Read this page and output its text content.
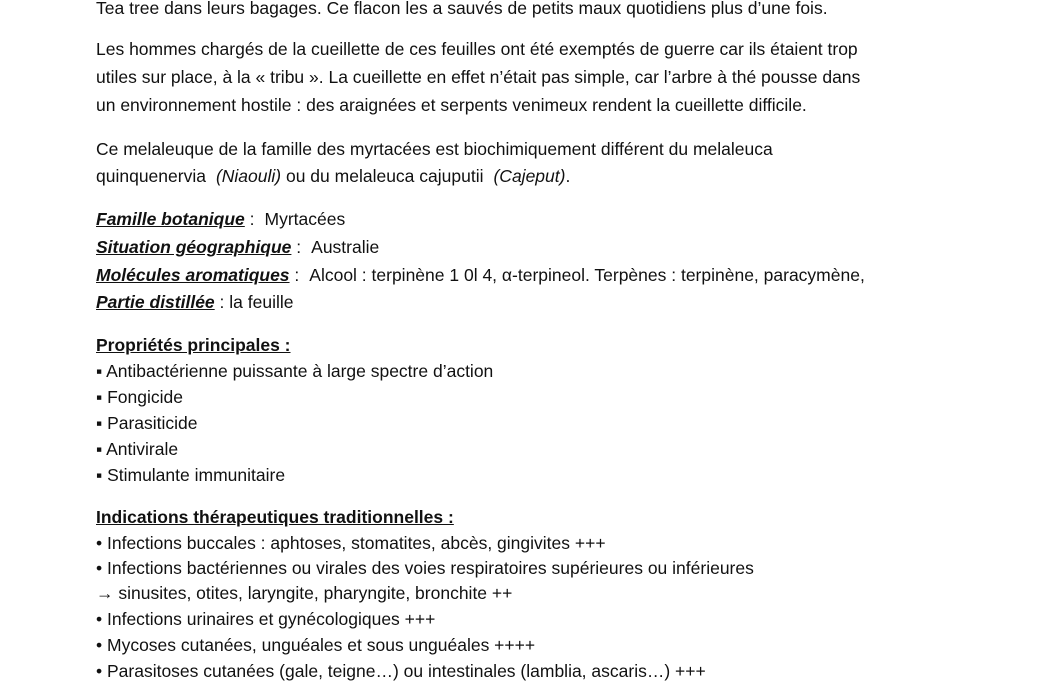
Tea tree dans leurs bagages. Ce flacon les a sauvés de petits maux quotidiens plus d’une fois.
Les hommes chargés de la cueillette de ces feuilles ont été exemptés de guerre car ils étaient trop
utiles sur place, à la « tribu ». La cueillette en effet n’était pas simple, car l’arbre à thé pousse dans
un environnement hostile : des araignées et serpents venimeux rendent la cueillette difficile.
Ce melaleuque de la famille des myrtacées est biochimiquement différent du melaleuca
quinquenervia (Niaouli) ou du melaleuca cajuputii (Cajeput).
Famille botanique : Myrtacées
Situation géographique : Australie
Molécules aromatiques : Alcool : terpinène 1 0l 4, α-terpineol. Terpènes : terpinène, paracymène,
Partie distillée : la feuille
Propriétés principales :
▪ Antibactérienne puissante à large spectre d’action
▪ Fongicide
▪ Parasiticide
▪ Antivirale
▪ Stimulante immunitaire
Indications thérapeutiques traditionnelles :
• Infections buccales : aphtoses, stomatites, abcès, gingivites +++
• Infections bactériennes ou virales des voies respiratoires supérieures ou inférieures
→ sinusites, otites, laryngite, pharyngite, bronchite ++
• Infections urinaires et gynécologiques +++
• Mycoses cutanées, unguéales et sous unguéales ++++
• Parasitoses cutanées (gale, teigne…) ou intestinales (lamblia, ascaris…) +++
